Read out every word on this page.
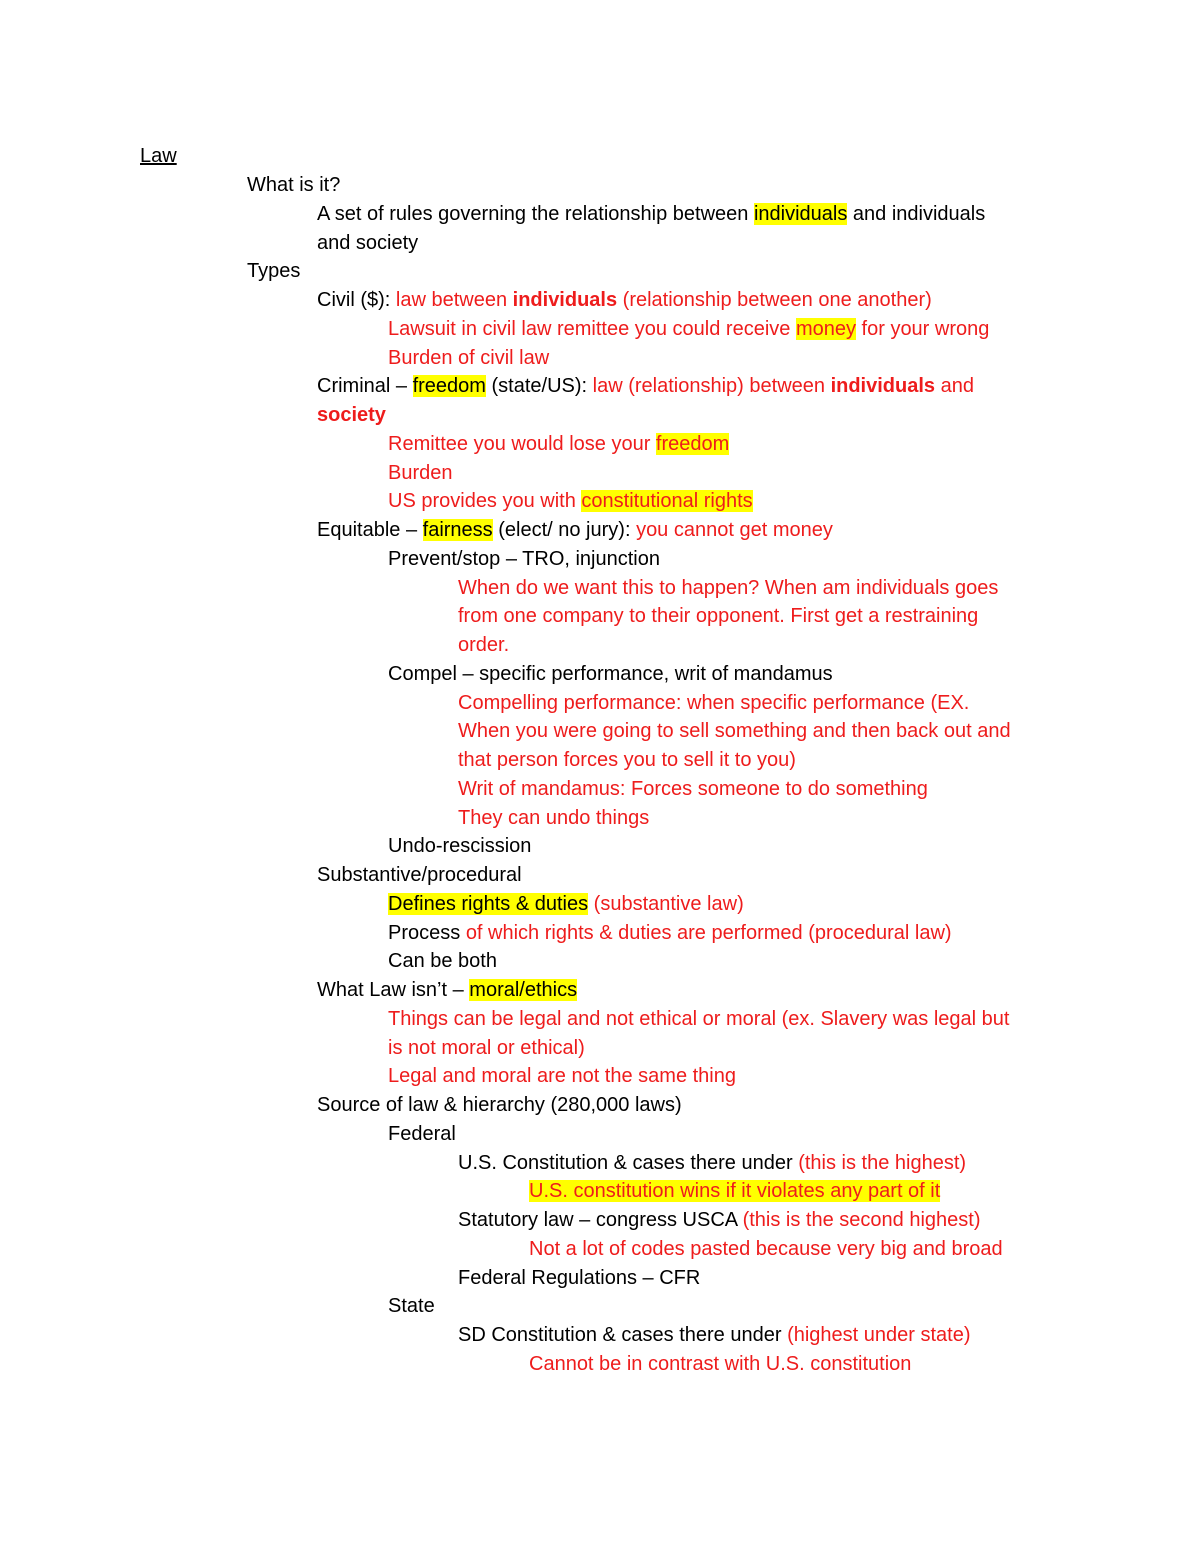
Law
What is it?
A set of rules governing the relationship between individuals and individuals
and society
Types
Civil ($): law between individuals (relationship between one another)
Lawsuit in civil law remittee you could receive money for your wrong
Burden of civil law
Criminal – freedom (state/US): law (relationship) between individuals and
society
Remittee you would lose your freedom
Burden
US provides you with constitutional rights
Equitable – fairness (elect/ no jury): you cannot get money
Prevent/stop – TRO, injunction
When do we want this to happen? When am individuals goes
from one company to their opponent. First get a restraining
order.
Compel – specific performance, writ of mandamus
Compelling performance: when specific performance (EX.
When you were going to sell something and then back out and
that person forces you to sell it to you)
Writ of mandamus: Forces someone to do something
They can undo things
Undo-rescission
Substantive/procedural
Defines rights & duties (substantive law)
Process of which rights & duties are performed (procedural law)
Can be both
What Law isn’t – moral/ethics
Things can be legal and not ethical or moral (ex. Slavery was legal but
is not moral or ethical)
Legal and moral are not the same thing
Source of law & hierarchy (280,000 laws)
Federal
U.S. Constitution & cases there under (this is the highest)
U.S. constitution wins if it violates any part of it
Statutory law – congress USCA (this is the second highest)
Not a lot of codes pasted because very big and broad
Federal Regulations – CFR
State
SD Constitution & cases there under (highest under state)
Cannot be in contrast with U.S. constitution
